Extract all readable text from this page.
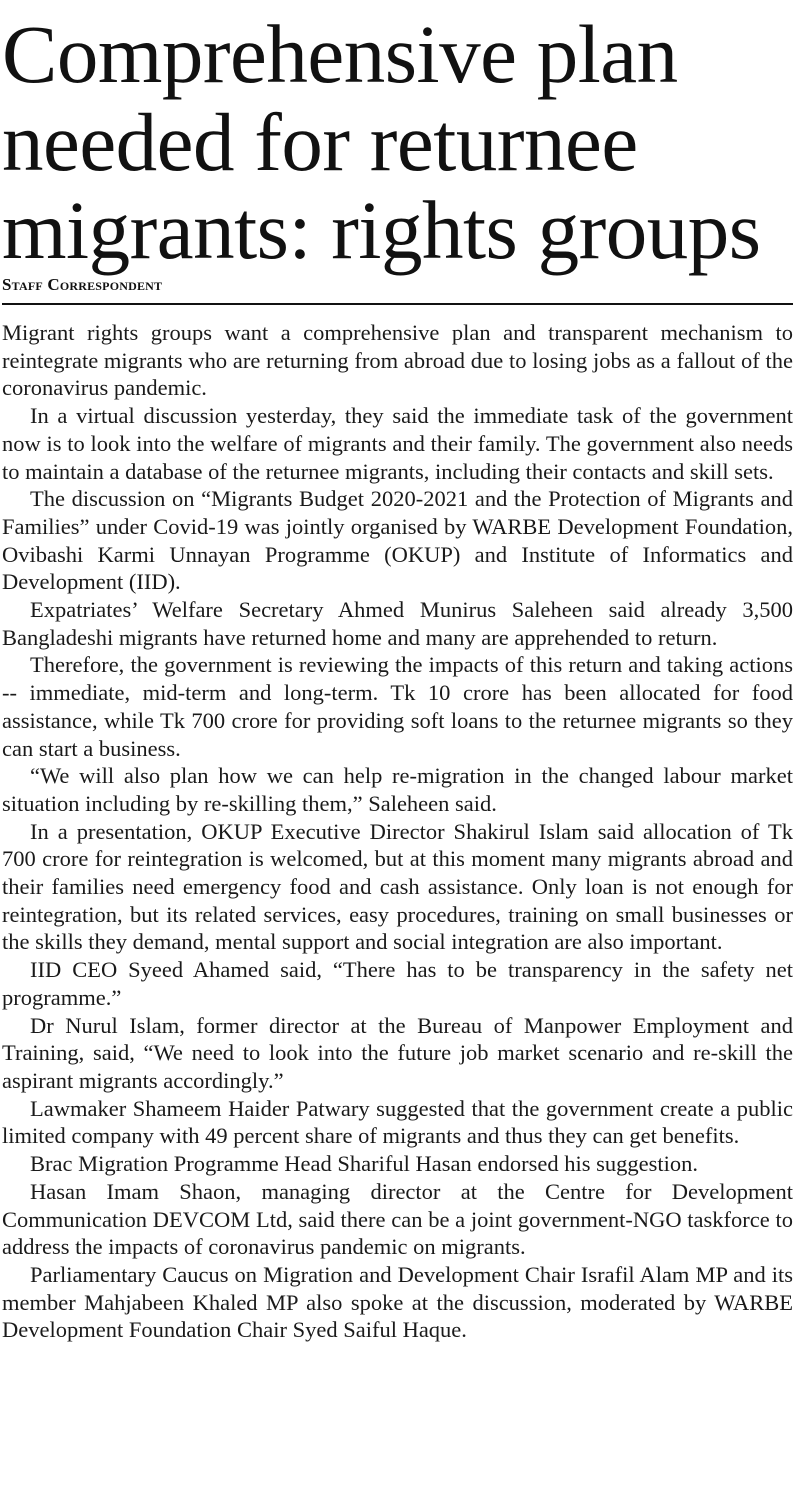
Comprehensive plan needed for returnee migrants: rights groups
Staff Correspondent

Migrant rights groups want a comprehensive plan and transparent mechanism to reintegrate migrants who are returning from abroad due to losing jobs as a fallout of the coronavirus pandemic.

In a virtual discussion yesterday, they said the immediate task of the government now is to look into the welfare of migrants and their family. The government also needs to maintain a database of the returnee migrants, including their contacts and skill sets.

The discussion on “Migrants Budget 2020-2021 and the Protection of Migrants and Families” under Covid-19 was jointly organised by WARBE Development Foundation, Ovibashi Karmi Unnayan Programme (OKUP) and Institute of Informatics and Development (IID).

Expatriates’ Welfare Secretary Ahmed Munirus Saleheen said already 3,500 Bangladeshi migrants have returned home and many are apprehended to return.

Therefore, the government is reviewing the impacts of this return and taking actions -- immediate, mid-term and long-term. Tk 10 crore has been allocated for food assistance, while Tk 700 crore for providing soft loans to the returnee migrants so they can start a business.

“We will also plan how we can help re-migration in the changed labour market situation including by re-skilling them,” Saleheen said.

In a presentation, OKUP Executive Director Shakirul Islam said allocation of Tk 700 crore for reintegration is welcomed, but at this moment many migrants abroad and their families need emergency food and cash assistance. Only loan is not enough for reintegration, but its related services, easy procedures, training on small businesses or the skills they demand, mental support and social integration are also important.

IID CEO Syeed Ahamed said, “There has to be transparency in the safety net programme.”

Dr Nurul Islam, former director at the Bureau of Manpower Employment and Training, said, “We need to look into the future job market scenario and re-skill the aspirant migrants accordingly.”

Lawmaker Shameem Haider Patwary suggested that the government create a public limited company with 49 percent share of migrants and thus they can get benefits.

Brac Migration Programme Head Shariful Hasan endorsed his suggestion.

Hasan Imam Shaon, managing director at the Centre for Development Communication DEVCOM Ltd, said there can be a joint government-NGO taskforce to address the impacts of coronavirus pandemic on migrants.

Parliamentary Caucus on Migration and Development Chair Israfil Alam MP and its member Mahjabeen Khaled MP also spoke at the discussion, moderated by WARBE Development Foundation Chair Syed Saiful Haque.
